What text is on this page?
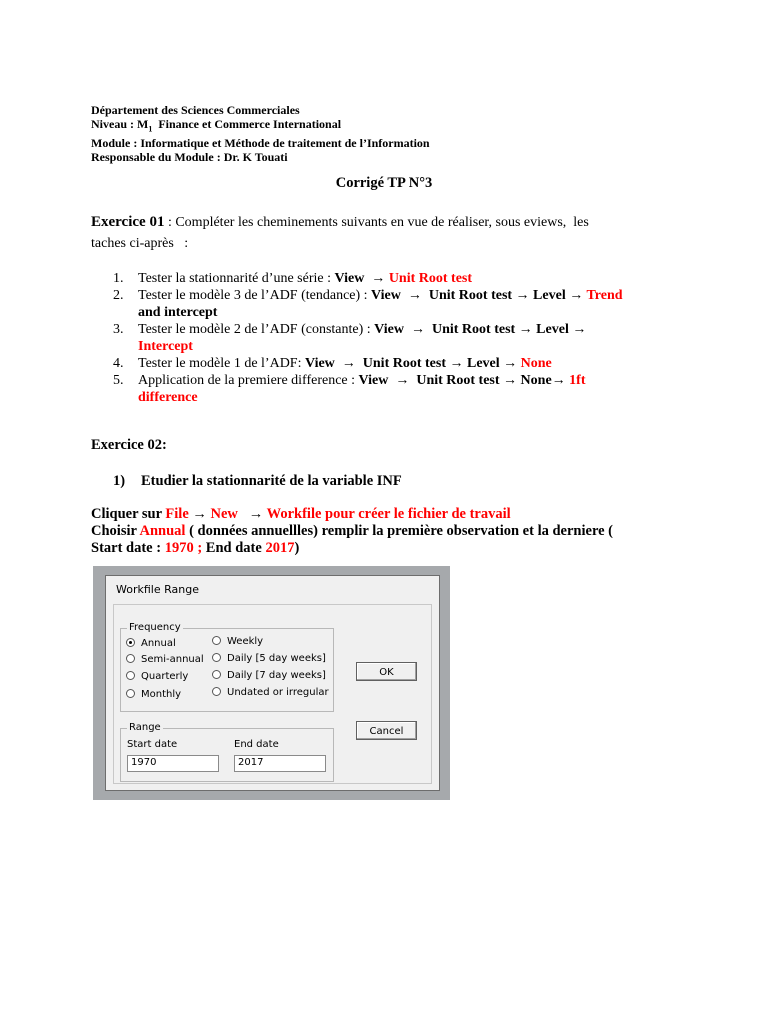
Département des Sciences Commerciales
Niveau : $M_1$  Finance et Commerce International
Module : Informatique et Méthode de traitement de l’Information
Responsable du Module : Dr. K Touati
Corrigé TP N°3
Exercice 01 : Compléter les cheminements suivants en vue de réaliser, sous eviews,  les
taches ci-après   :
1. Tester la stationnarité d’une série : View  → Unit Root test
2. Tester le modèle 3 de l’ADF (tendance) : View  →  Unit Root test → Level → Trend
and intercept
3. Tester le modèle 2 de l’ADF (constante) : View  →  Unit Root test → Level →
Intercept
4. Tester le modèle 1 de l’ADF: View  →  Unit Root test → Level → None
5. Application de la premiere difference : View  →  Unit Root test → None→ 1ft
difference
Exercice 02:
1) Etudier la stationnarité de la variable INF
Cliquer sur File → New   → Workfile pour créer le fichier de travail
Choisir Annual ( données annuellles) remplir la première observation et la derniere (
Start date : 1970 ; End date 2017)
Workfile Range
Frequency
Annual
Semi-annual
Quarterly
Monthly
Weekly
Daily [5 day weeks]
Daily [7 day weeks]
Undated or irregular
Range
Start date	End date
1970	2017
OK
Cancel
